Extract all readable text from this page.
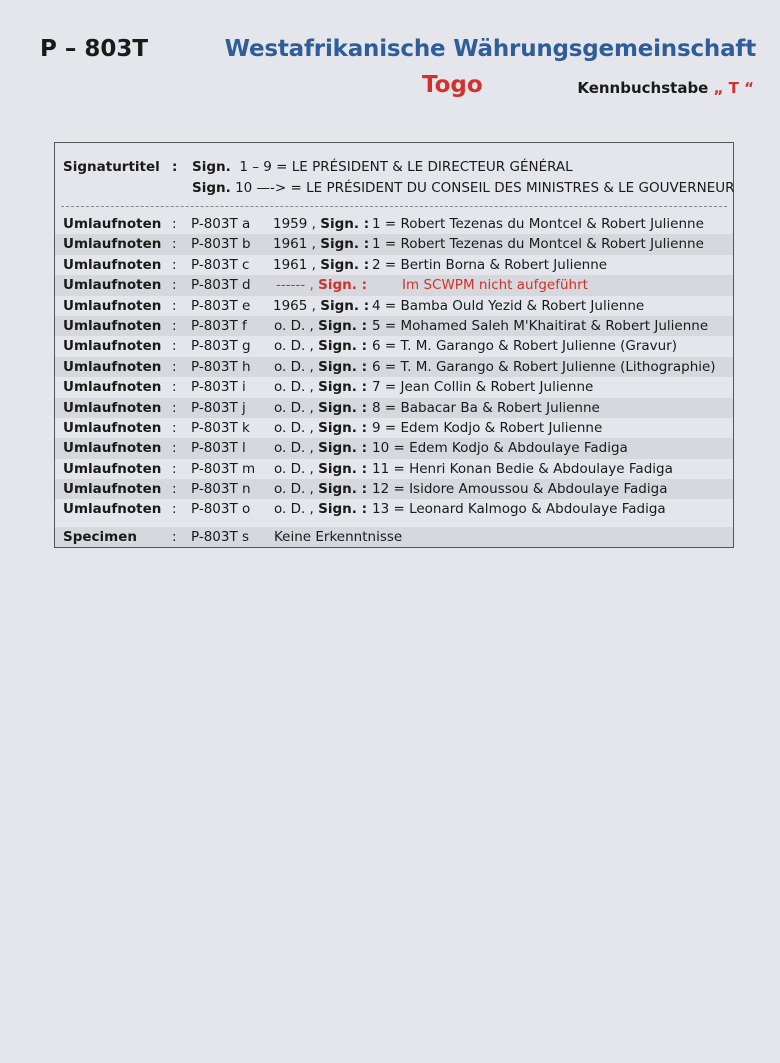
P – 803T	Westafrikanische Währungsgemeinschaft
Togo	Kennbuchstabe „ T “
Signaturtitel : Sign. 1 – 9 = LE PRÉSIDENT & LE DIRECTEUR GÉNÉRAL
Sign. 10 —-> = LE PRÉSIDENT DU CONSEIL DES MINISTRES & LE GOUVERNEUR
Umlaufnoten : P-803T a 1959 , Sign. : 1 = Robert Tezenas du Montcel & Robert Julienne
Umlaufnoten : P-803T b 1961 , Sign. : 1 = Robert Tezenas du Montcel & Robert Julienne
Umlaufnoten : P-803T c 1961 , Sign. : 2 = Bertin Borna & Robert Julienne
Umlaufnoten : P-803T d ------ , Sign. : Im SCWPM nicht aufgeführt
Umlaufnoten : P-803T e 1965 , Sign. : 4 = Bamba Ould Yezid & Robert Julienne
Umlaufnoten : P-803T f o. D. , Sign. : 5 = Mohamed Saleh M'Khaitirat & Robert Julienne
Umlaufnoten : P-803T g o. D. , Sign. : 6 = T. M. Garango & Robert Julienne (Gravur)
Umlaufnoten : P-803T h o. D. , Sign. : 6 = T. M. Garango & Robert Julienne (Lithographie)
Umlaufnoten : P-803T i o. D. , Sign. : 7 = Jean Collin & Robert Julienne
Umlaufnoten : P-803T j o. D. , Sign. : 8 = Babacar Ba & Robert Julienne
Umlaufnoten : P-803T k o. D. , Sign. : 9 = Edem Kodjo & Robert Julienne
Umlaufnoten : P-803T l o. D. , Sign. : 10 = Edem Kodjo & Abdoulaye Fadiga
Umlaufnoten : P-803T m o. D. , Sign. : 11 = Henri Konan Bedie & Abdoulaye Fadiga
Umlaufnoten : P-803T n o. D. , Sign. : 12 = Isidore Amoussou & Abdoulaye Fadiga
Umlaufnoten : P-803T o o. D. , Sign. : 13 = Leonard Kalmogo & Abdoulaye Fadiga
Specimen	: P-803T s Keine Erkenntnisse
